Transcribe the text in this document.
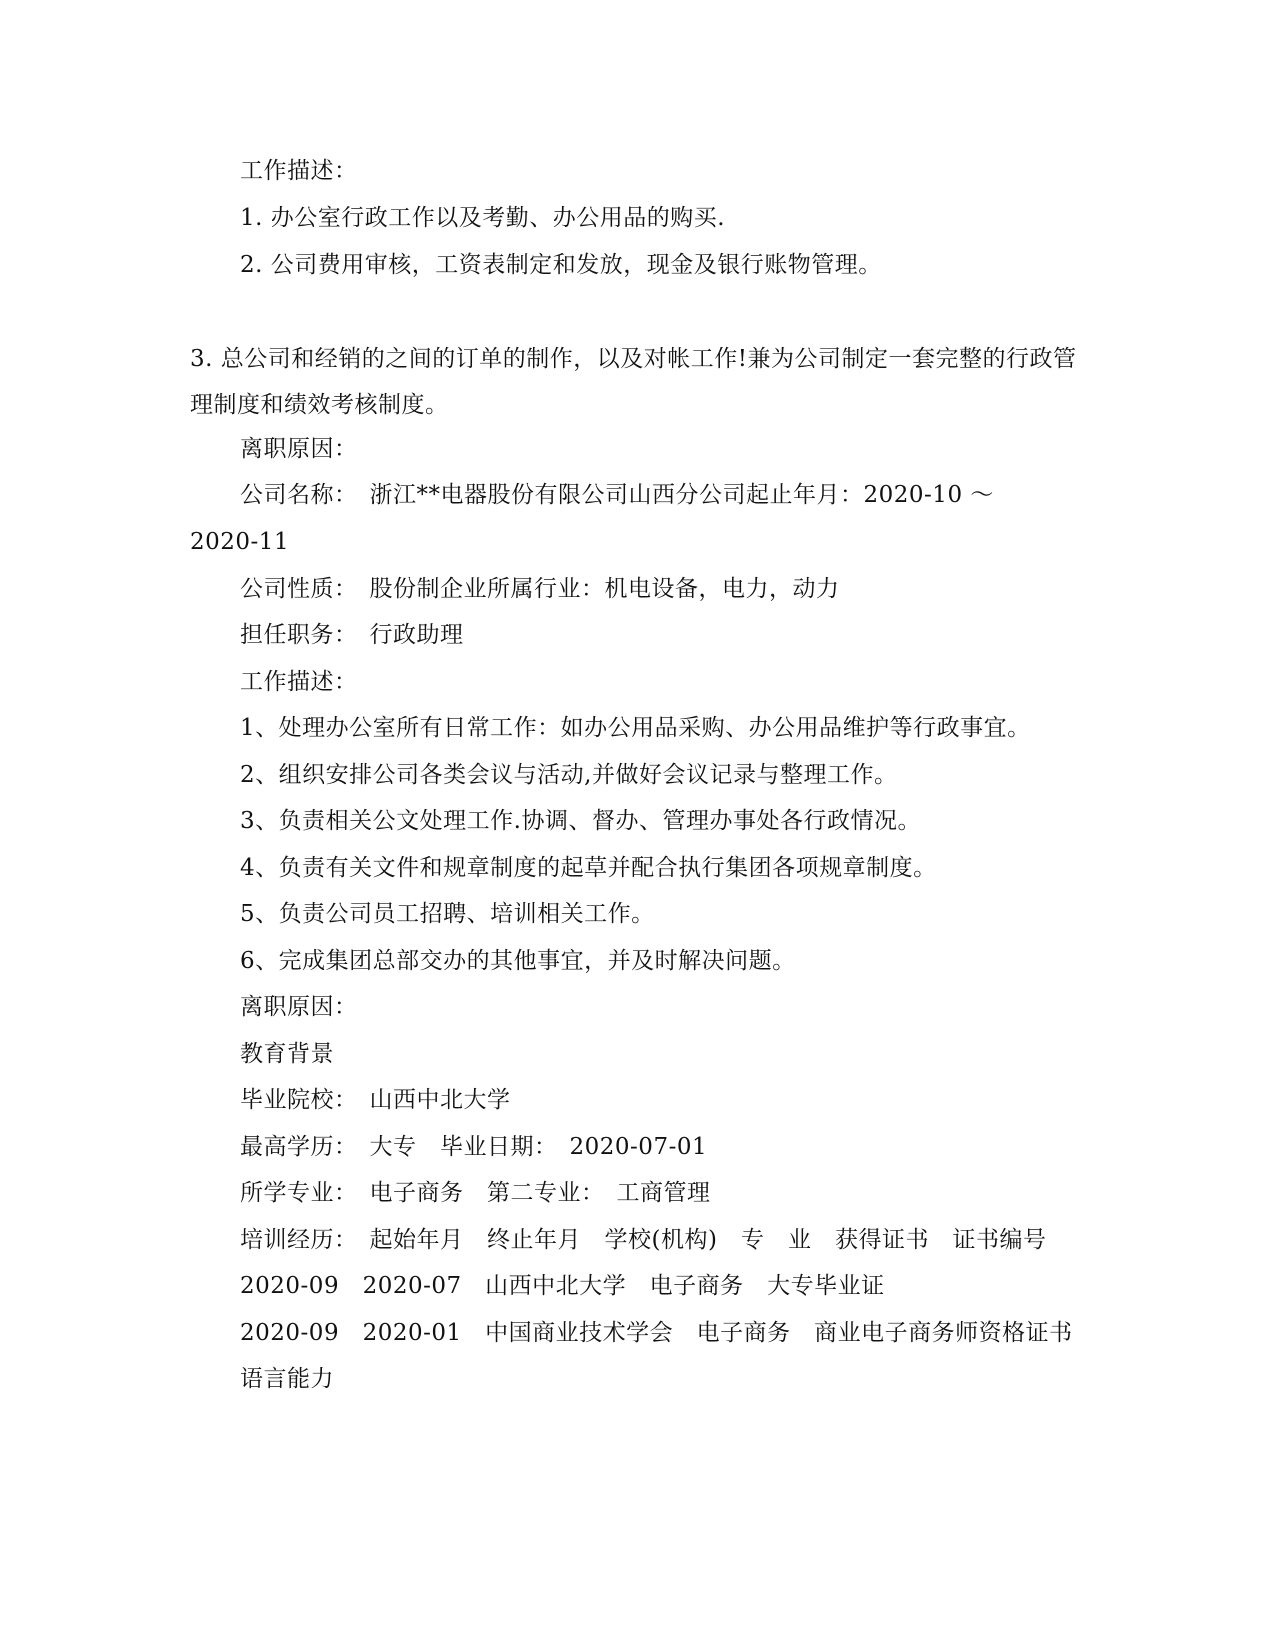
工作描述：
1. 办公室行政工作以及考勤、办公用品的购买.
2. 公司费用审核，工资表制定和发放，现金及银行账物管理。
3. 总公司和经销的之间的订单的制作，以及对帐工作!兼为公司制定一套完整的行政管理制度和绩效考核制度。
离职原因：
公司名称：　浙江**电器股份有限公司山西分公司起止年月：2020-10 ～
2020-11
公司性质：　股份制企业所属行业：机电设备，电力，动力
担任职务：　行政助理
工作描述：
1、处理办公室所有日常工作：如办公用品采购、办公用品维护等行政事宜。
2、组织安排公司各类会议与活动,并做好会议记录与整理工作。
3、负责相关公文处理工作.协调、督办、管理办事处各行政情况。
4、负责有关文件和规章制度的起草并配合执行集团各项规章制度。
5、负责公司员工招聘、培训相关工作。
6、完成集团总部交办的其他事宜，并及时解决问题。
离职原因：
教育背景
毕业院校：　山西中北大学
最高学历：　大专　毕业日期：　2020-07-01
所学专业：　电子商务　第二专业：　工商管理
培训经历：　起始年月　终止年月　学校(机构)　专　业　获得证书　证书编号
2020-09　2020-07　山西中北大学　电子商务　大专毕业证
2020-09　2020-01　中国商业技术学会　电子商务　商业电子商务师资格证书
语言能力
